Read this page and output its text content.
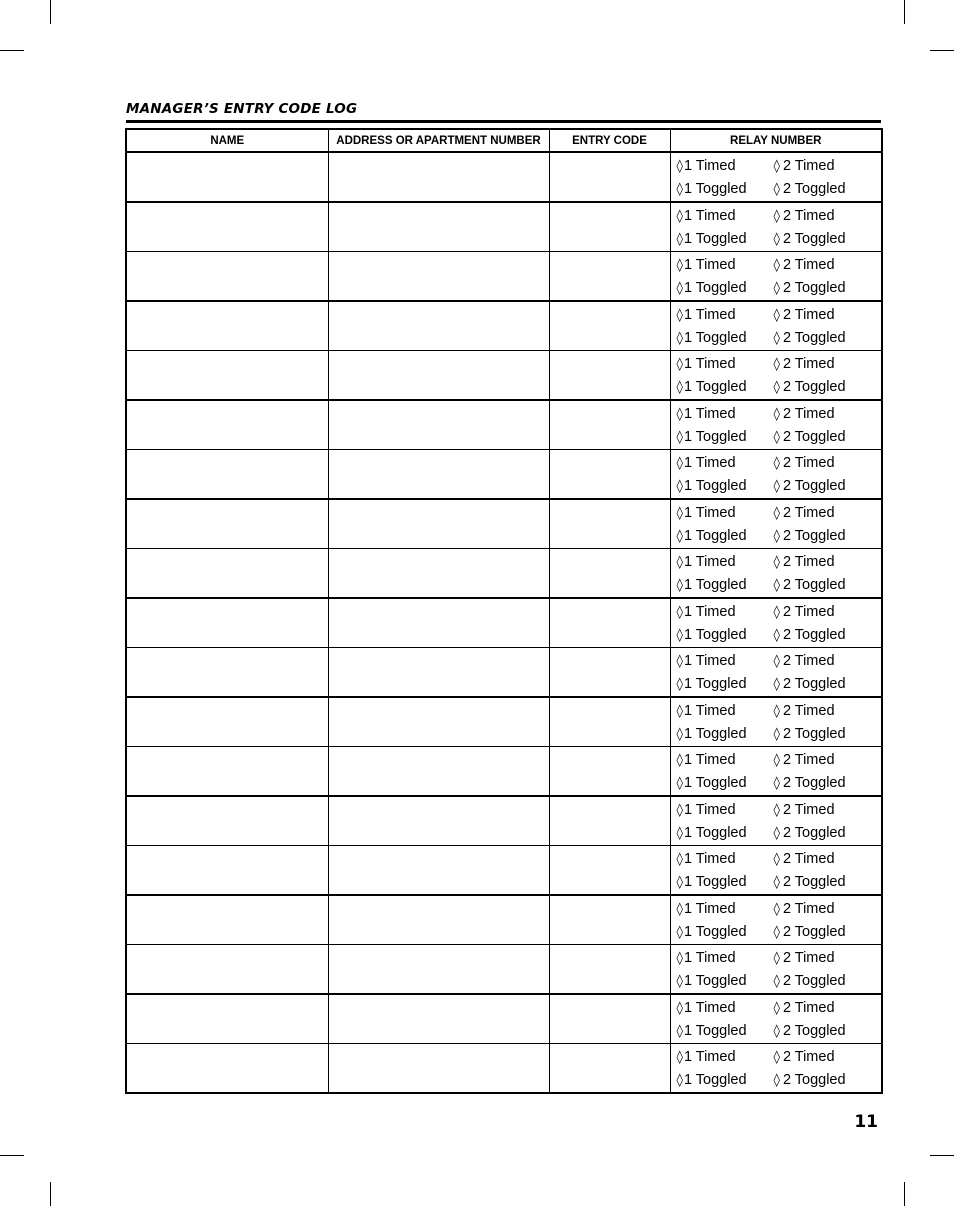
MANAGER’S ENTRY CODE LOG
NAME	ADDRESS OR APARTMENT NUMBER	ENTRY CODE	RELAY NUMBER

			◊1 Timed ◊ 2 Timed
◊1 Toggled ◊ 2 Toggled

			◊1 Timed ◊ 2 Timed
◊1 Toggled ◊ 2 Toggled

			◊1 Timed ◊ 2 Timed
◊1 Toggled ◊ 2 Toggled

			◊1 Timed ◊ 2 Timed
◊1 Toggled ◊ 2 Toggled

			◊1 Timed ◊ 2 Timed
◊1 Toggled ◊ 2 Toggled

			◊1 Timed ◊ 2 Timed
◊1 Toggled ◊ 2 Toggled

			◊1 Timed ◊ 2 Timed
◊1 Toggled ◊ 2 Toggled

			◊1 Timed ◊ 2 Timed
◊1 Toggled ◊ 2 Toggled

			◊1 Timed ◊ 2 Timed
◊1 Toggled ◊ 2 Toggled

			◊1 Timed ◊ 2 Timed
◊1 Toggled ◊ 2 Toggled

			◊1 Timed ◊ 2 Timed
◊1 Toggled ◊ 2 Toggled

			◊1 Timed ◊ 2 Timed
◊1 Toggled ◊ 2 Toggled

			◊1 Timed ◊ 2 Timed
◊1 Toggled ◊ 2 Toggled

			◊1 Timed ◊ 2 Timed
◊1 Toggled ◊ 2 Toggled

			◊1 Timed ◊ 2 Timed
◊1 Toggled ◊ 2 Toggled

			◊1 Timed ◊ 2 Timed
◊1 Toggled ◊ 2 Toggled

			◊1 Timed ◊ 2 Timed
◊1 Toggled ◊ 2 Toggled

			◊1 Timed ◊ 2 Timed
◊1 Toggled ◊ 2 Toggled

			◊1 Timed ◊ 2 Timed
◊1 Toggled ◊ 2 Toggled
11
